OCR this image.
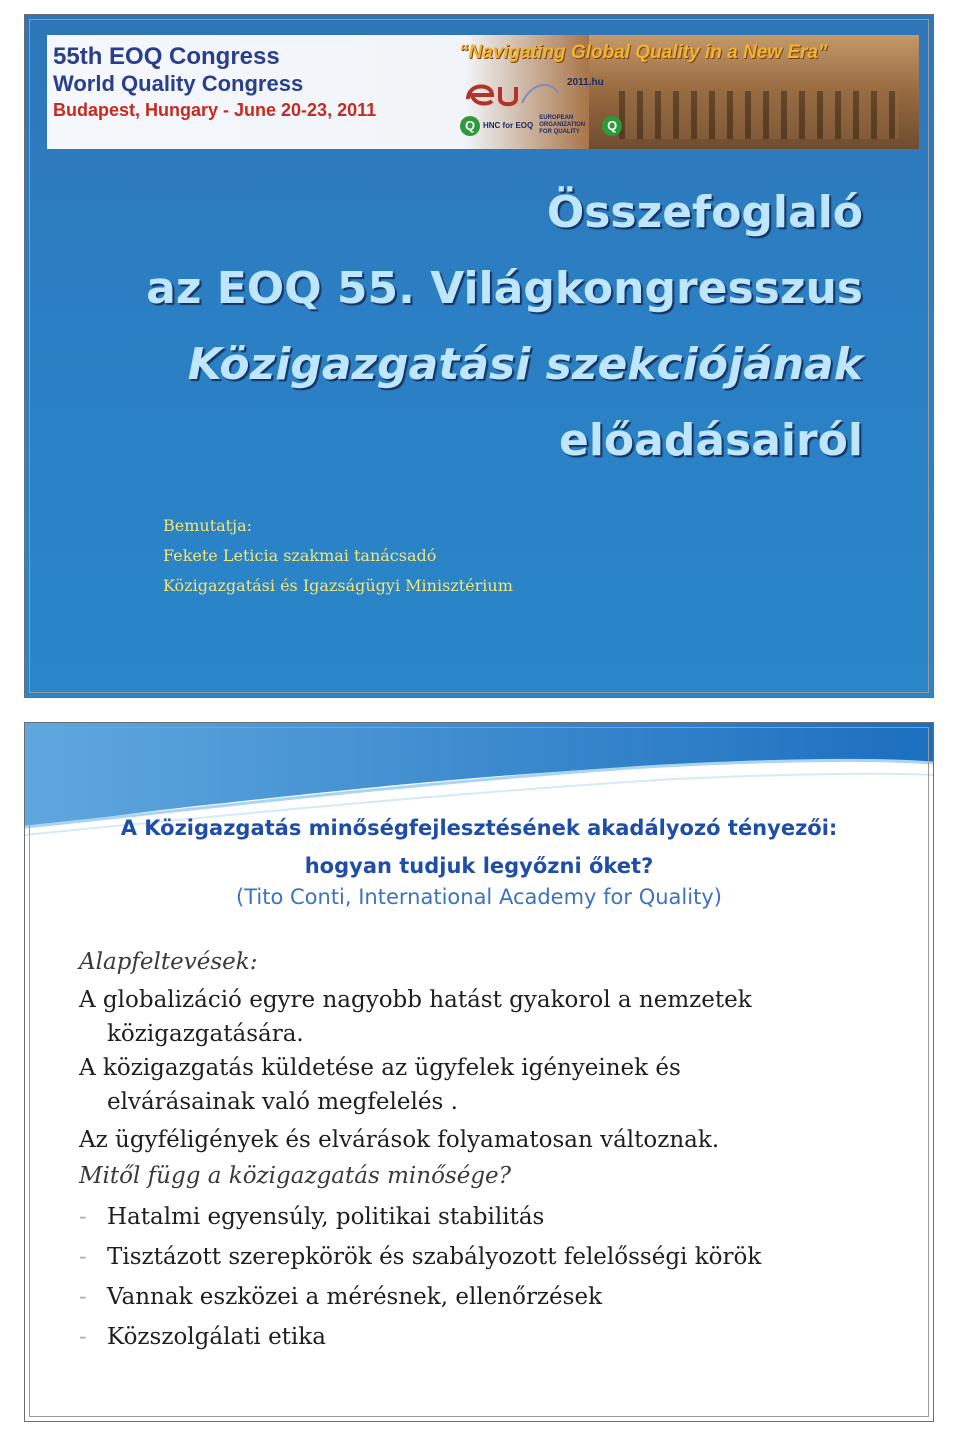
55th EOQ Congress
World Quality Congress
Budapest, Hungary - June 20-23, 2011
“Navigating Global Quality in a New Era”
2011.hu
Q HNC for EOQ
EUROPEAN ORGANIZATION FOR QUALITY	Q
Összefoglaló
az EOQ 55. Világkongresszus
Közigazgatási szekciójának
előadásairól
Bemutatja:
Fekete Leticia szakmai tanácsadó
Közigazgatási és Igazságügyi Minisztérium
A Közigazgatás minőségfejlesztésének akadályozó tényezői:
hogyan tudjuk legyőzni őket?
(Tito Conti, International Academy for Quality)
Alapfeltevések:
A globalizáció egyre nagyobb hatást gyakorol a nemzetek
közigazgatására.
A közigazgatás küldetése az ügyfelek igényeinek és
elvárásainak való megfelelés .
Az ügyféligények és elvárások folyamatosan változnak.
Mitől függ a közigazgatás minősége?
- Hatalmi egyensúly, politikai stabilitás
- Tisztázott szerepkörök és szabályozott felelősségi körök
- Vannak eszközei a mérésnek, ellenőrzések
- Közszolgálati etika
